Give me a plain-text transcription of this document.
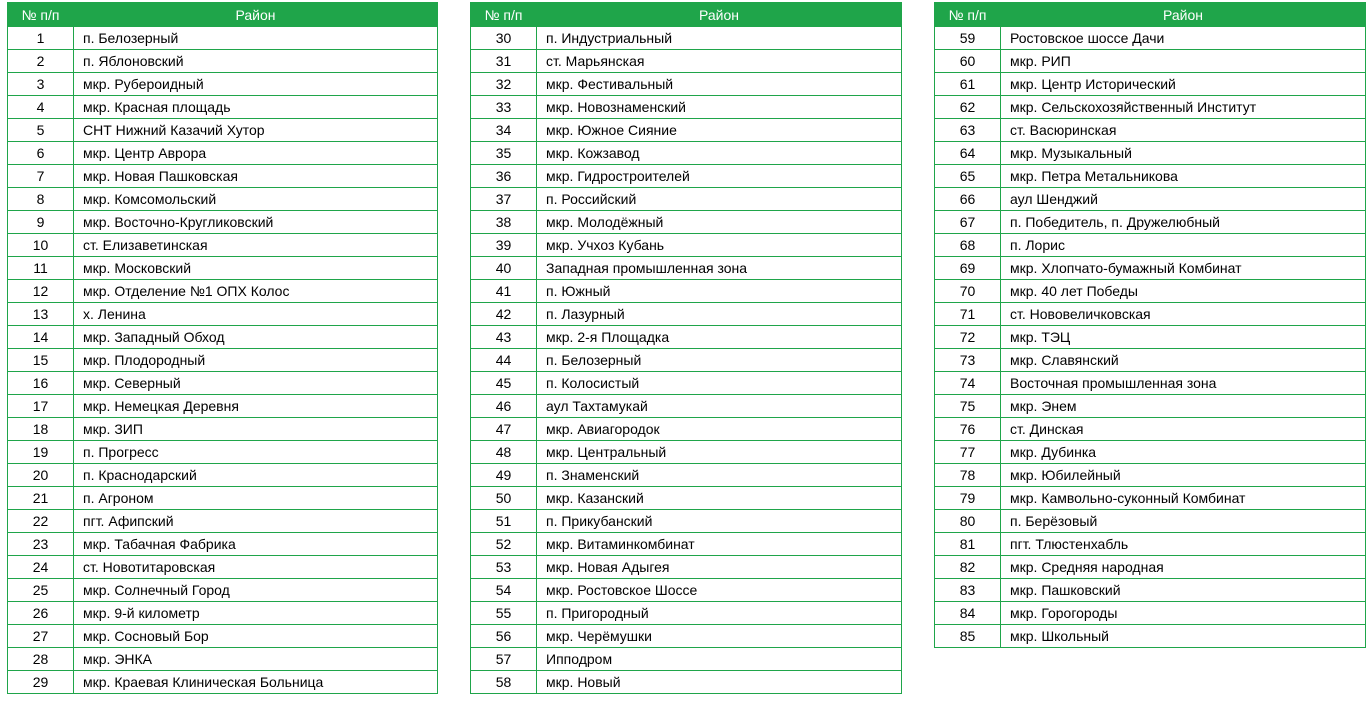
№ п/п	Район
1	п. Белозерный
2	п. Яблоновский
3	мкр. Рубероидный
4	мкр. Красная площадь
5	СНТ Нижний Казачий Хутор
6	мкр. Центр Аврора
7	мкр. Новая Пашковская
8	мкр. Комсомольский
9	мкр. Восточно-Кругликовский
10	ст. Елизаветинская
11	мкр. Московский
12	мкр. Отделение №1 ОПХ Колос
13	х. Ленина
14	мкр. Западный Обход
15	мкр. Плодородный
16	мкр. Северный
17	мкр. Немецкая Деревня
18	мкр. ЗИП
19	п. Прогресс
20	п. Краснодарский
21	п. Агроном
22	пгт. Афипский
23	мкр. Табачная Фабрика
24	ст. Новотитаровская
25	мкр. Солнечный Город
26	мкр. 9-й километр
27	мкр. Сосновый Бор
28	мкр. ЭНКА
29	мкр. Краевая Клиническая Больница
№ п/п	Район
30	п. Индустриальный
31	ст. Марьянская
32	мкр. Фестивальный
33	мкр. Новознаменский
34	мкр. Южное Сияние
35	мкр. Кожзавод
36	мкр. Гидростроителей
37	п. Российский
38	мкр. Молодёжный
39	мкр. Учхоз Кубань
40	Западная промышленная зона
41	п. Южный
42	п. Лазурный
43	мкр. 2-я Площадка
44	п. Белозерный
45	п. Колосистый
46	аул Тахтамукай
47	мкр. Авиагородок
48	мкр. Центральный
49	п. Знаменский
50	мкр. Казанский
51	п. Прикубанский
52	мкр. Витаминкомбинат
53	мкр. Новая Адыгея
54	мкр. Ростовское Шоссе
55	п. Пригородный
56	мкр. Черёмушки
57	Ипподром
58	мкр. Новый
№ п/п	Район
59	Ростовское шоссе Дачи
60	мкр. РИП
61	мкр. Центр Исторический
62	мкр. Сельскохозяйственный Институт
63	ст. Васюринская
64	мкр. Музыкальный
65	мкр. Петра Метальникова
66	аул Шенджий
67	п. Победитель, п. Дружелюбный
68	п. Лорис
69	мкр. Хлопчато-бумажный Комбинат
70	мкр. 40 лет Победы
71	ст. Нововеличковская
72	мкр. ТЭЦ
73	мкр. Славянский
74	Восточная промышленная зона
75	мкр. Энем
76	ст. Динская
77	мкр. Дубинка
78	мкр. Юбилейный
79	мкр. Камвольно-суконный Комбинат
80	п. Берёзовый
81	пгт. Тлюстенхабль
82	мкр. Средняя народная
83	мкр. Пашковский
84	мкр. Горогороды
85	мкр. Школьный
